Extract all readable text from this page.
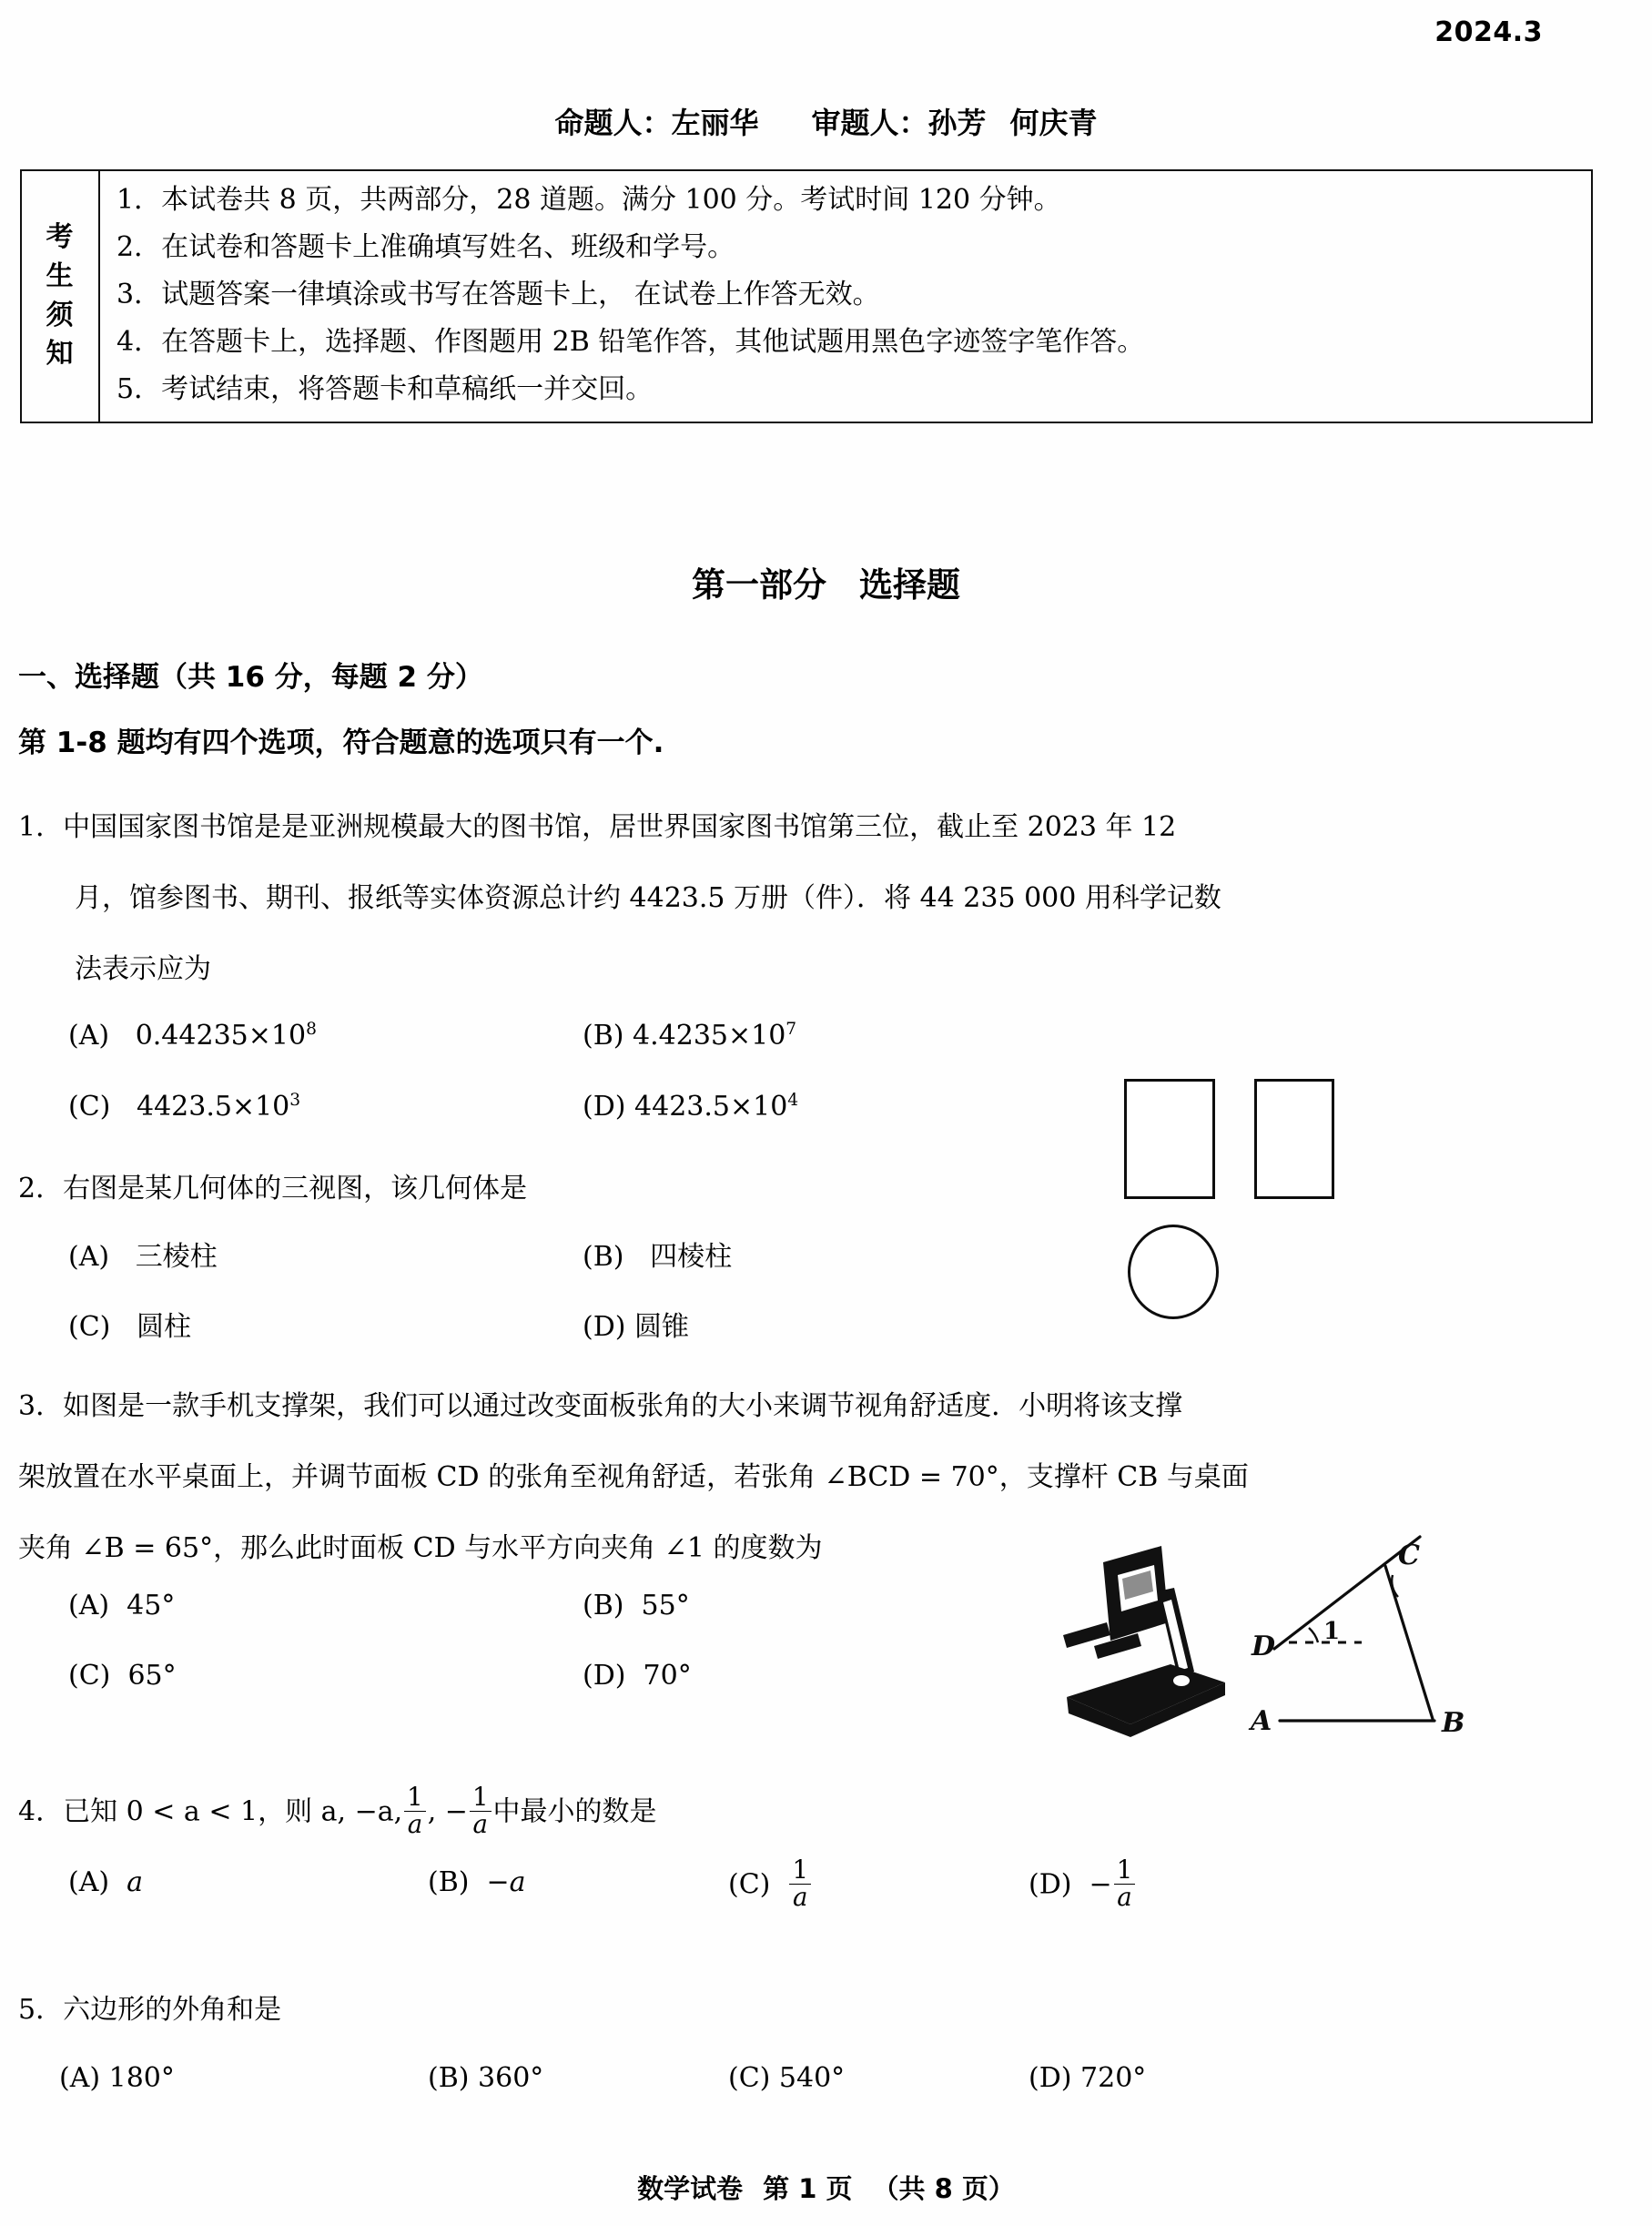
2024.3
命题人：左丽华 审题人：孙芳 何庆青
考
生
须
知

1．本试卷共 8 页，共两部分，28 道题。满分 100 分。考试时间 120 分钟。

2．在试卷和答题卡上准确填写姓名、班级和学号。

3．试题答案一律填涂或书写在答题卡上， 在试卷上作答无效。

4．在答题卡上，选择题、作图题用 2B 铅笔作答，其他试题用黑色字迹签字笔作答。

5．考试结束，将答题卡和草稿纸一并交回。

第一部分 选择题
一、选择题（共 16 分，每题 2 分）
第 1-8 题均有四个选项，符合题意的选项只有一个.
1．中国国家图书馆是是亚洲规模最大的图书馆，居世界国家图书馆第三位，截止至 2023 年 12
月，馆参图书、期刊、报纸等实体资源总计约 4423.5 万册（件）．将 44 235 000 用科学记数
法表示应为
(A) $0.44235\times 10^8$	(B) $4.4235\times 10^7$
(C) $4423.5\times 10^3$	(D) $4423.5\times 10^4$
2．右图是某几何体的三视图，该几何体是
(A) 三棱柱	(B) 四棱柱
(C) 圆柱	(D) 圆锥
3．如图是一款手机支撑架，我们可以通过改变面板张角的大小来调节视角舒适度．小明将该支撑
架放置在水平桌面上，并调节面板 CD 的张角至视角舒适，若张角 ∠BCD = 70°，支撑杆 CB 与桌面
夹角 ∠B = 65°，那么此时面板 CD 与水平方向夹角 ∠1 的度数为
(A) 45°	(B) 55°
(C) 65°	(D) 70°
D
C
A	B
1
4．已知 0 < a < 1，则 a, −a, $\frac{1}{a}$ , − $\frac{1}{a}$ 中最小的数是
(A) a	(B) −a	$(C) \frac{1}{a}$	$(D) - \frac{1}{a}$
5．六边形的外角和是
(A) 180°	(B) 360°	(C) 540°	(D) 720°
数学试卷 第 1 页 （共 8 页）
